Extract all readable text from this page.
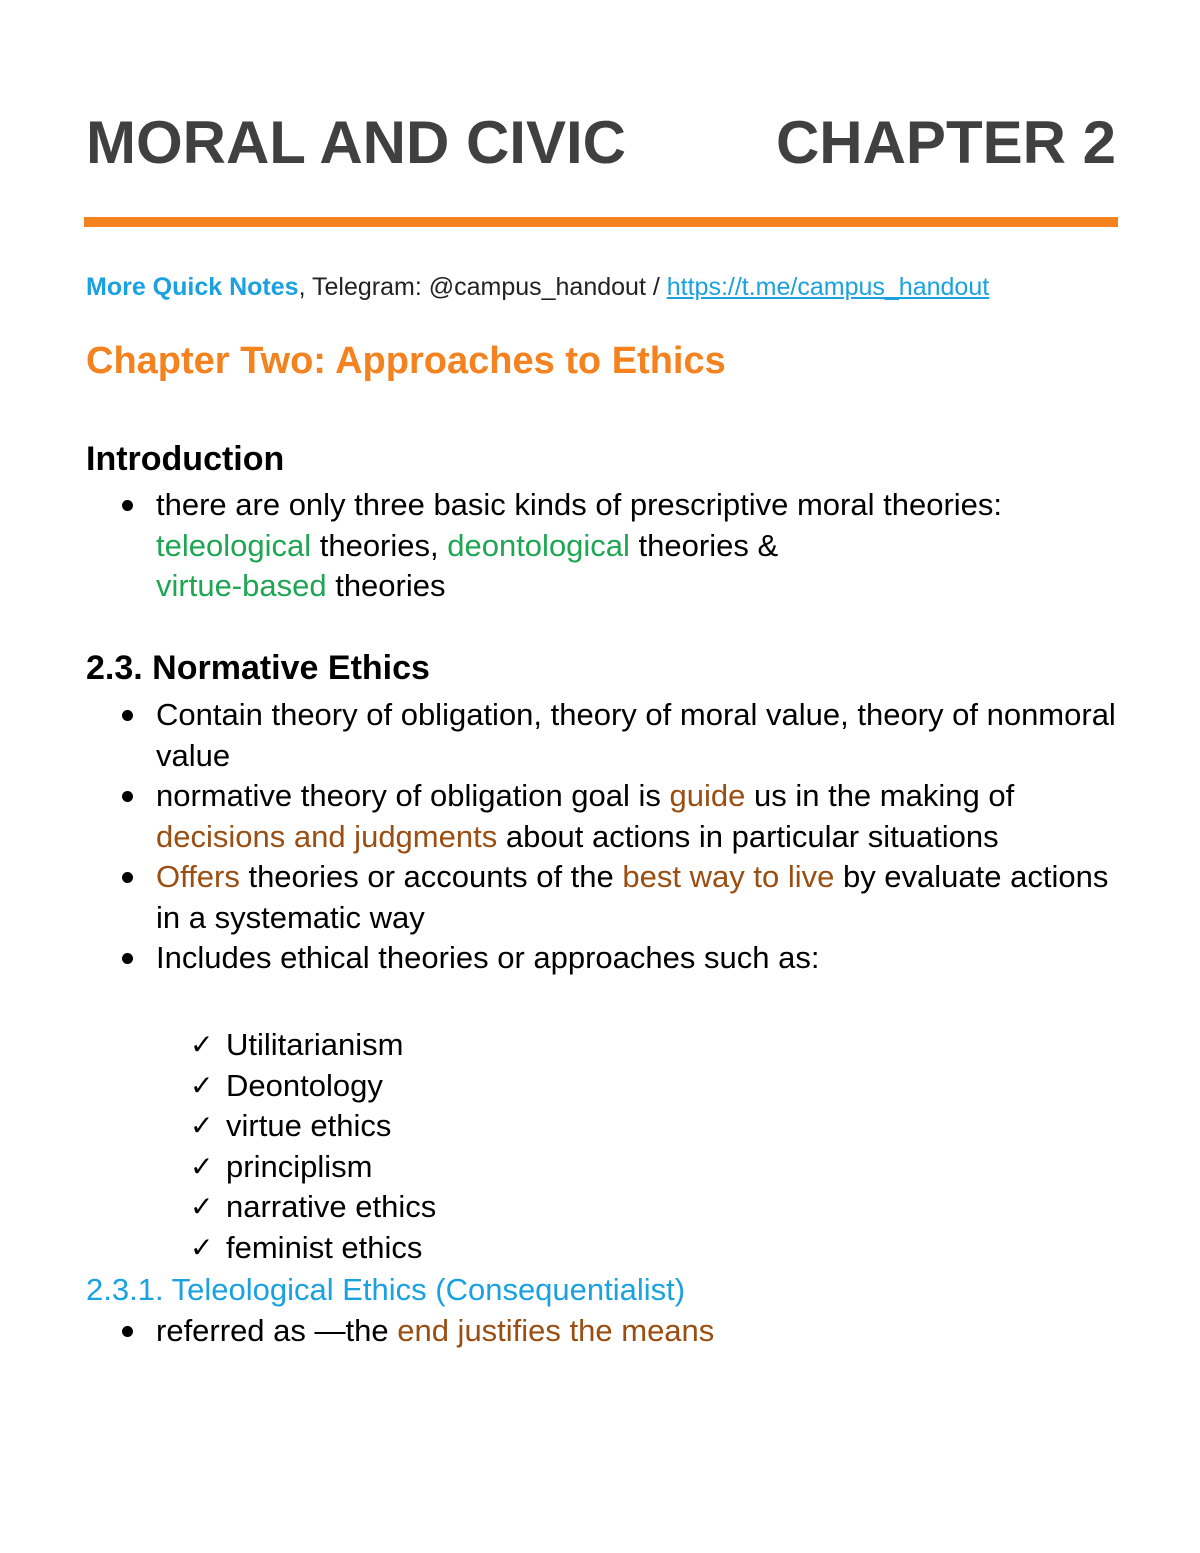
MORAL AND CIVIC CHAPTER 2
More Quick Notes, Telegram: @campus_handout / https://t.me/campus_handout
Chapter Two: Approaches to Ethics
Introduction
there are only three basic kinds of prescriptive moral theories: teleological theories, deontological theories &
virtue-based theories
2.3. Normative Ethics
Contain theory of obligation, theory of moral value, theory of nonmoral value
normative theory of obligation goal is guide us in the making of decisions and judgments about actions in particular situations
Offers theories or accounts of the best way to live by evaluate actions in a systematic way
Includes ethical theories or approaches such as:
✓ Utilitarianism
✓ Deontology
✓ virtue ethics
✓ principlism
✓ narrative ethics
✓ feminist ethics
2.3.1. Teleological Ethics (Consequentialist)
referred as —the end justifies the means
